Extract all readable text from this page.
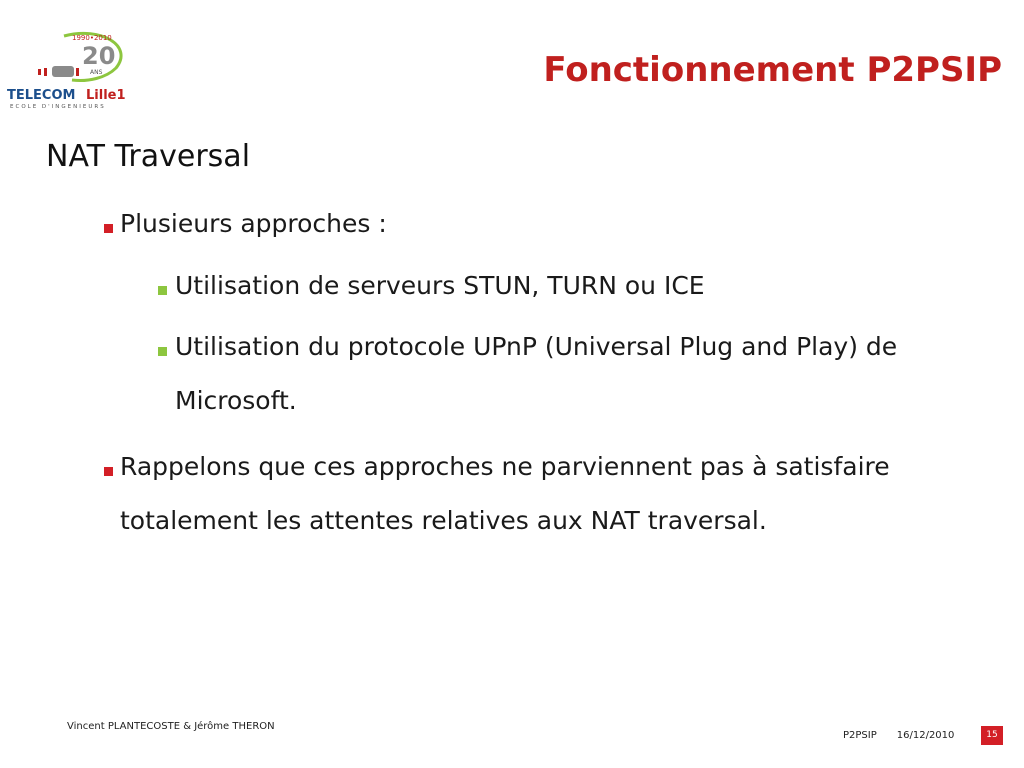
1990•2010
20
ANS
TELECOM Lille1
ECOLE D'INGENIEURS
Fonctionnement P2PSIP
NAT Traversal
Plusieurs approches :
Utilisation de serveurs STUN, TURN ou ICE
Utilisation du protocole UPnP (Universal Plug and Play) de Microsoft.
Rappelons que ces approches ne parviennent pas à satisfaire totalement les attentes relatives aux NAT traversal.
Vincent PLANTECOSTE & Jérôme THERON
P2PSIP 16/12/2010	15
